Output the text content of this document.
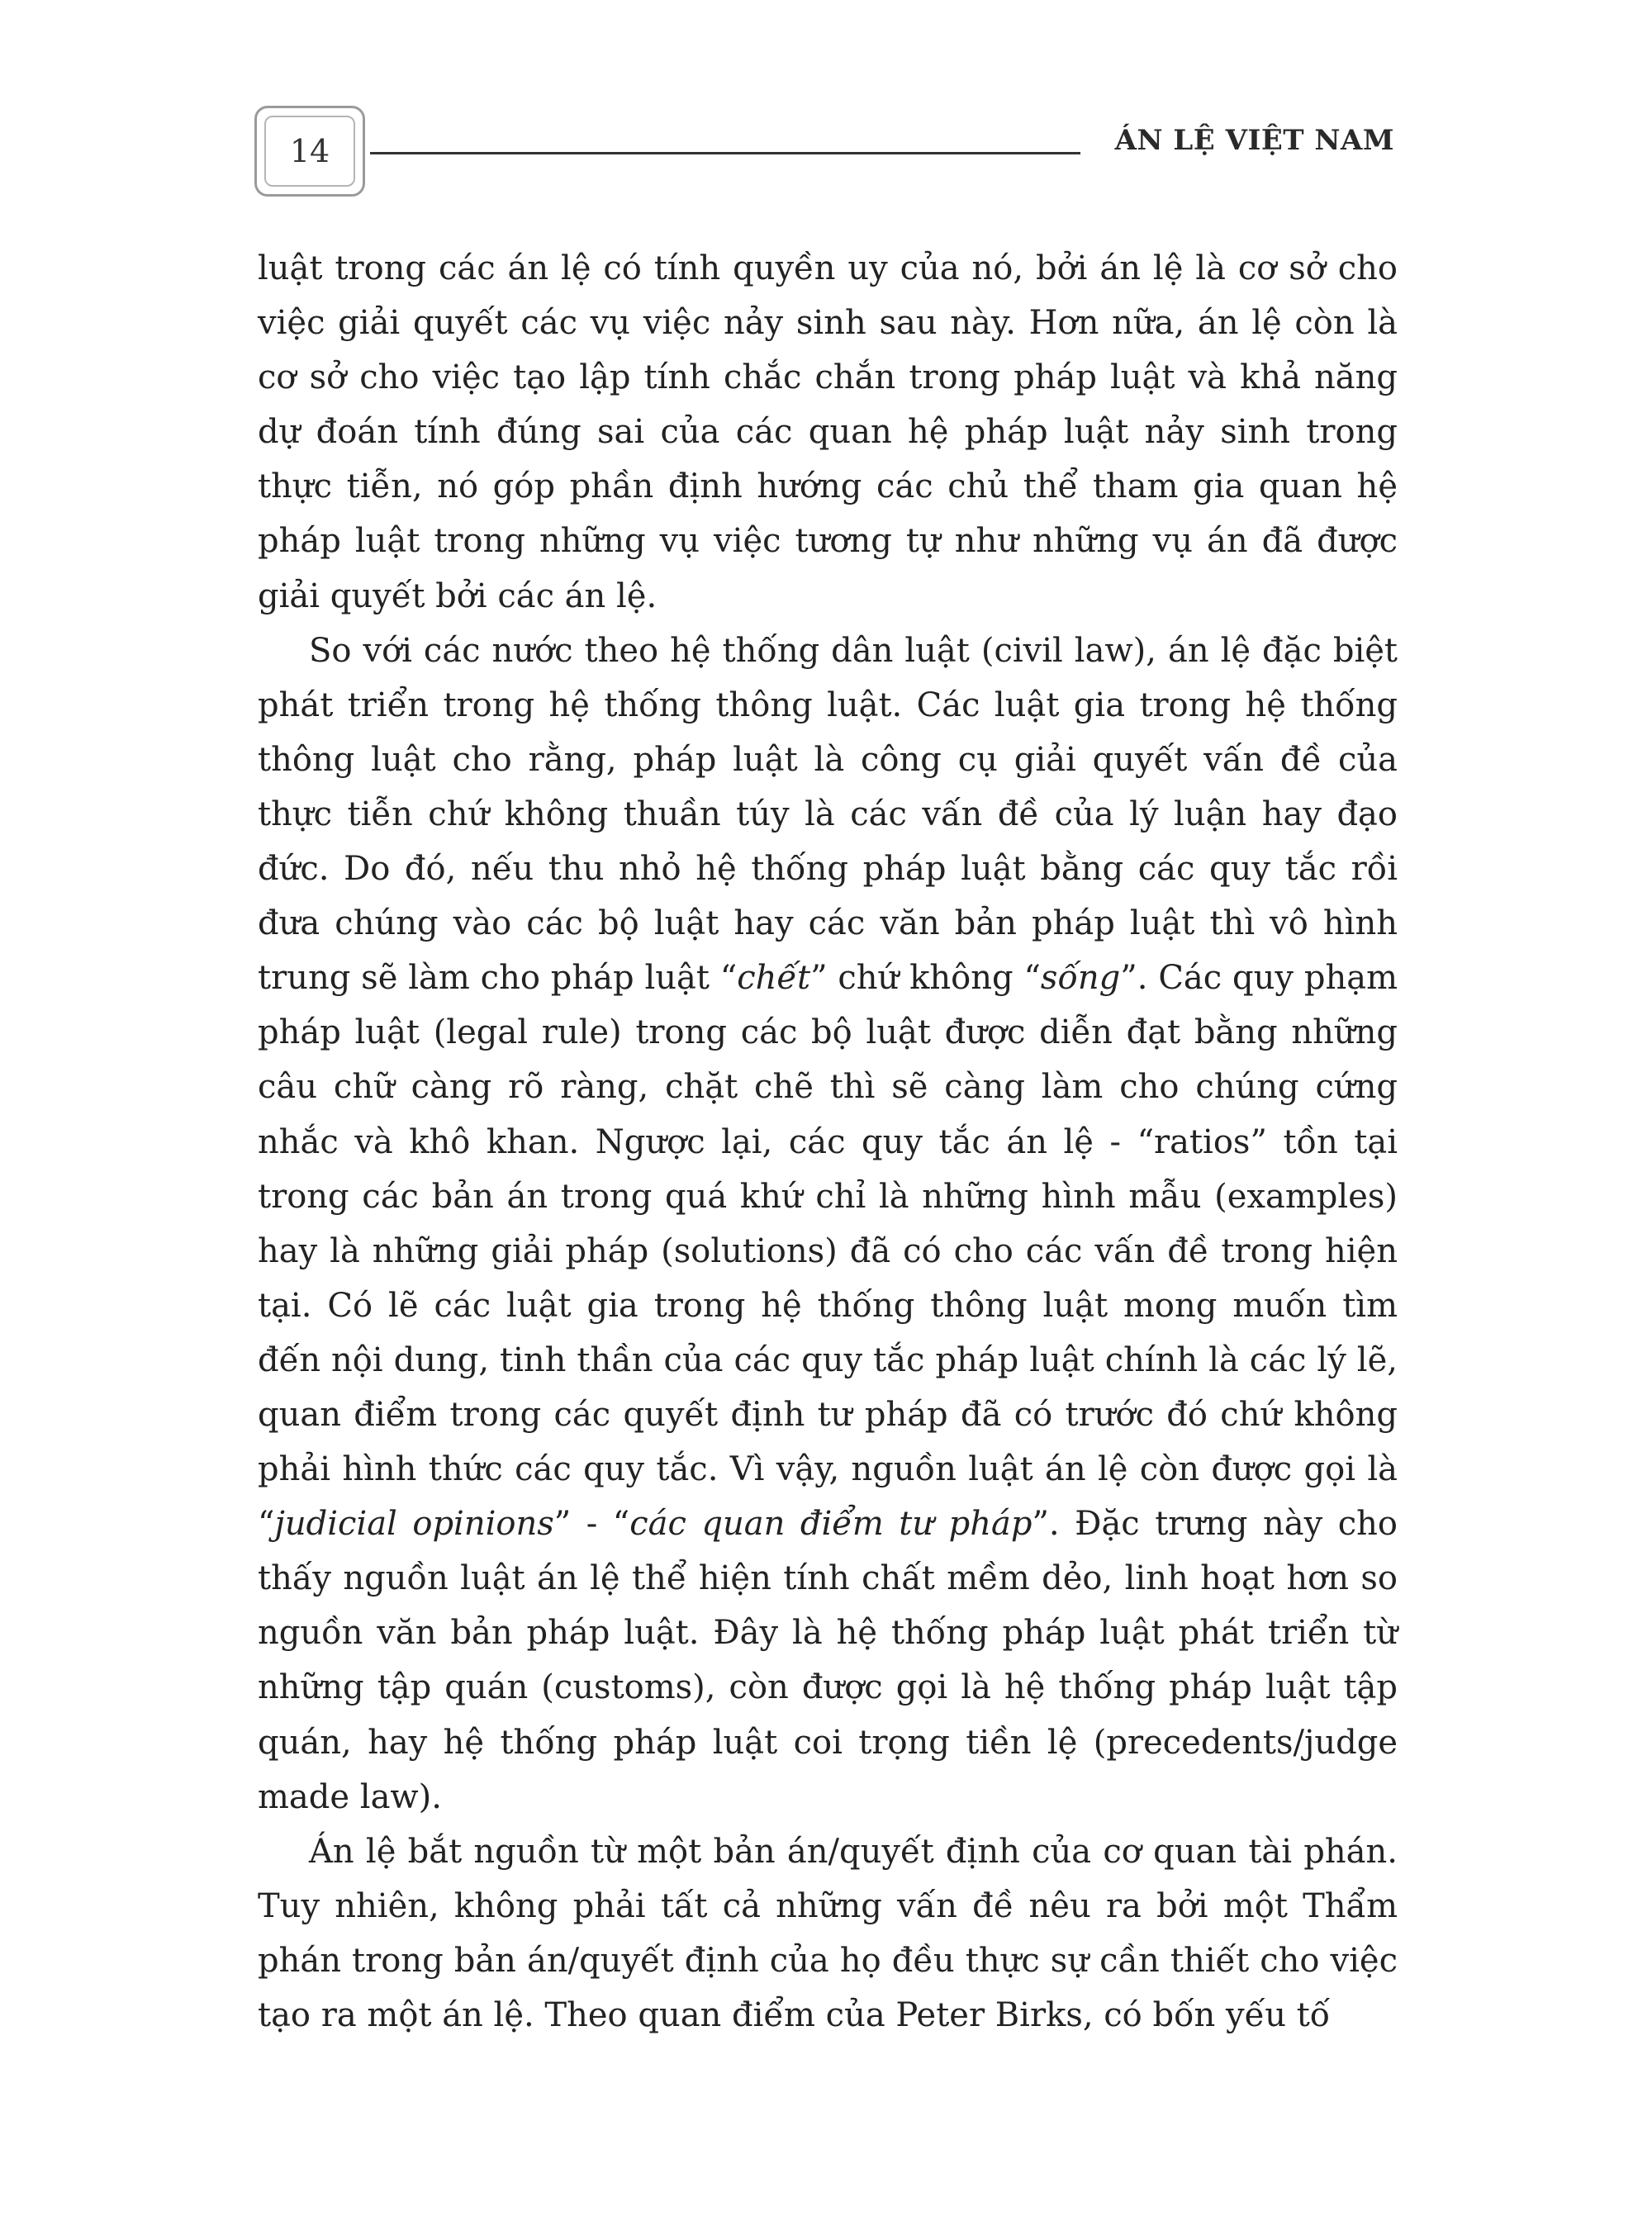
14	ÁN LỆ VIỆT NAM

luật trong các án lệ có tính quyền uy của nó, bởi án lệ là cơ sở cho việc giải quyết các vụ việc nảy sinh sau này. Hơn nữa, án lệ còn là cơ sở cho việc tạo lập tính chắc chắn trong pháp luật và khả năng dự đoán tính đúng sai của các quan hệ pháp luật nảy sinh trong thực tiễn, nó góp phần định hướng các chủ thể tham gia quan hệ pháp luật trong những vụ việc tương tự như những vụ án đã được giải quyết bởi các án lệ.

So với các nước theo hệ thống dân luật (civil law), án lệ đặc biệt phát triển trong hệ thống thông luật. Các luật gia trong hệ thống thông luật cho rằng, pháp luật là công cụ giải quyết vấn đề của thực tiễn chứ không thuần túy là các vấn đề của lý luận hay đạo đức. Do đó, nếu thu nhỏ hệ thống pháp luật bằng các quy tắc rồi đưa chúng vào các bộ luật hay các văn bản pháp luật thì vô hình trung sẽ làm cho pháp luật “chết” chứ không “sống”. Các quy phạm pháp luật (legal rule) trong các bộ luật được diễn đạt bằng những câu chữ càng rõ ràng, chặt chẽ thì sẽ càng làm cho chúng cứng nhắc và khô khan. Ngược lại, các quy tắc án lệ - “ratios” tồn tại trong các bản án trong quá khứ chỉ là những hình mẫu (examples) hay là những giải pháp (solutions) đã có cho các vấn đề trong hiện tại. Có lẽ các luật gia trong hệ thống thông luật mong muốn tìm đến nội dung, tinh thần của các quy tắc pháp luật chính là các lý lẽ, quan điểm trong các quyết định tư pháp đã có trước đó chứ không phải hình thức các quy tắc. Vì vậy, nguồn luật án lệ còn được gọi là “judicial opinions” - “các quan điểm tư pháp”. Đặc trưng này cho thấy nguồn luật án lệ thể hiện tính chất mềm dẻo, linh hoạt hơn so nguồn văn bản pháp luật. Đây là hệ thống pháp luật phát triển từ những tập quán (customs), còn được gọi là hệ thống pháp luật tập quán, hay hệ thống pháp luật coi trọng tiền lệ (precedents/judge made law).

Án lệ bắt nguồn từ một bản án/quyết định của cơ quan tài phán. Tuy nhiên, không phải tất cả những vấn đề nêu ra bởi một Thẩm phán trong bản án/quyết định của họ đều thực sự cần thiết cho việc tạo ra một án lệ. Theo quan điểm của Peter Birks, có bốn yếu tố
